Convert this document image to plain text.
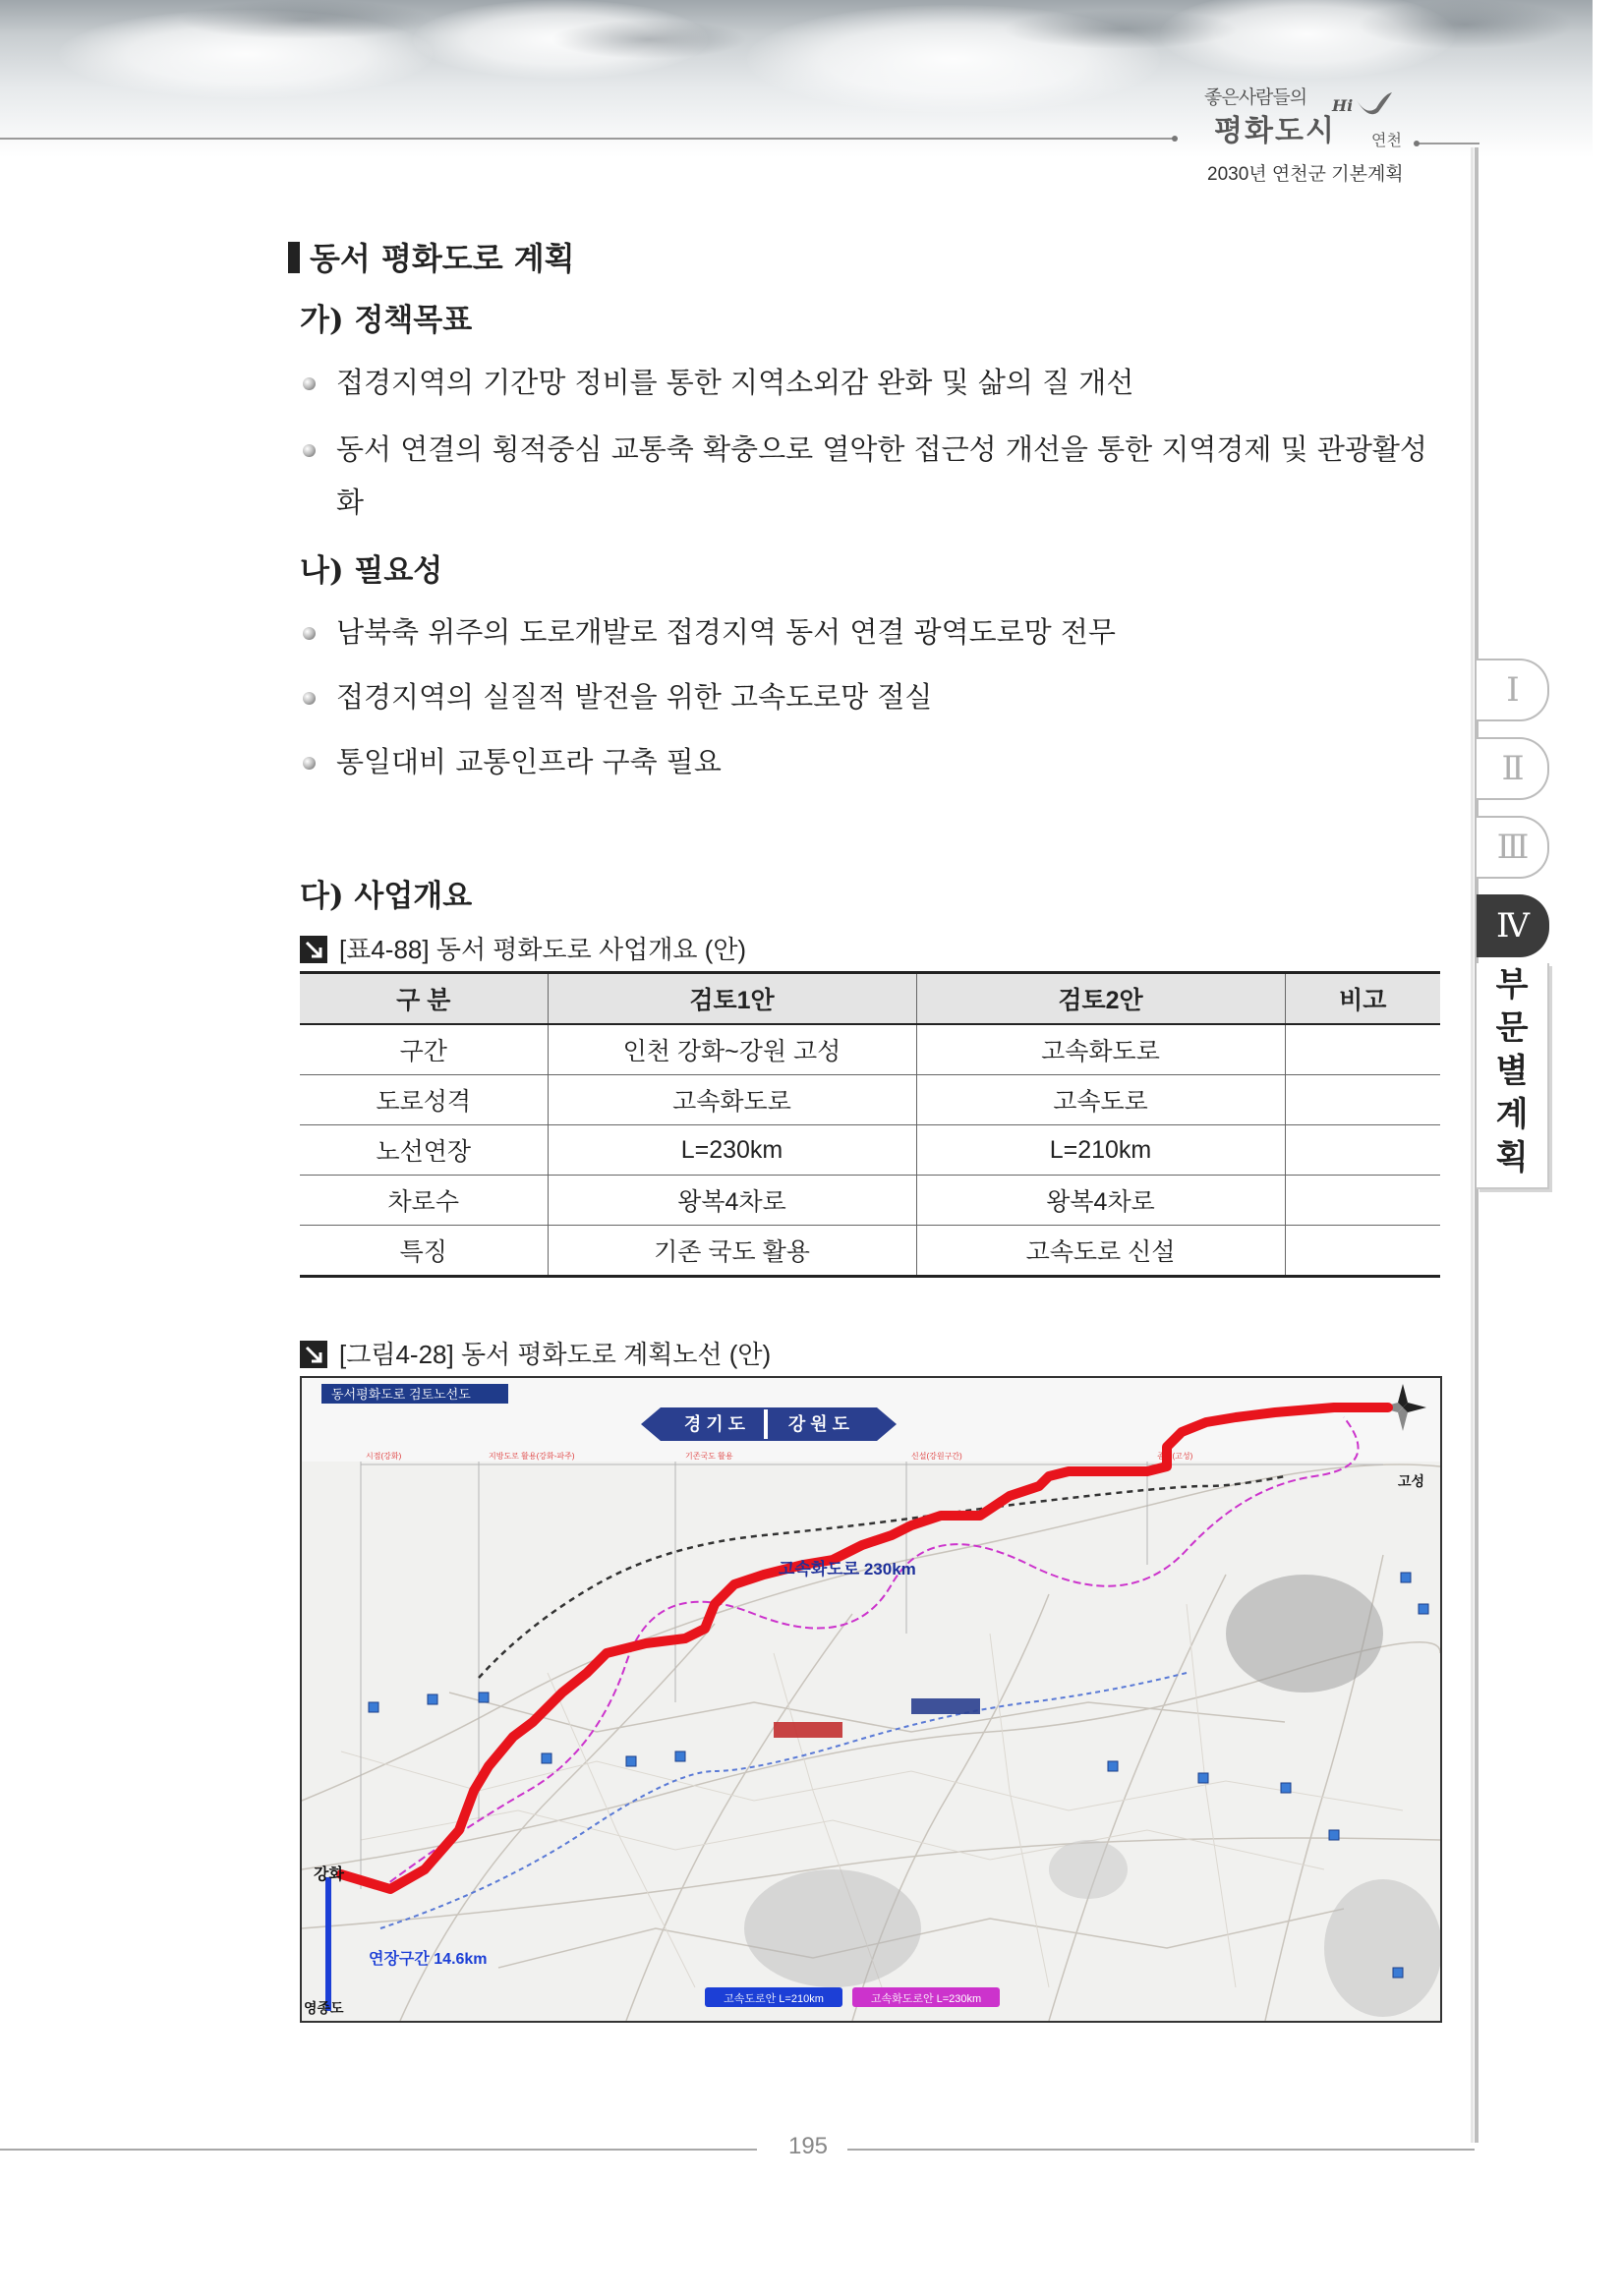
좋은사람들의
평화도시
Hi
연천
2030년 연천군 기본계획
동서 평화도로 계획
가) 정책목표
접경지역의 기간망 정비를 통한 지역소외감 완화 및 삶의 질 개선
동서 연결의 횡적중심 교통축 확충으로 열악한 접근성 개선을 통한 지역경제 및 관광활성화
나) 필요성
남북축 위주의 도로개발로 접경지역 동서 연결 광역도로망 전무
접경지역의 실질적 발전을 위한 고속도로망 절실
통일대비 교통인프라 구축 필요
다) 사업개요
[표4-88] 동서 평화도로 사업개요 (안)
구 분	검토1안	검토2안	비고
구간	인천 강화~강원 고성	고속화도로	
도로성격	고속화도로	고속도로	
노선연장	L=230km	L=210km	
차로수	왕복4차로	왕복4차로	
특징	기존 국도 활용	고속도로 신설	
[그림4-28] 동서 평화도로 계획노선 (안)
시점(강화)	지방도로 활용(강화-파주)	기존국도 활용	신설(강원구간)	종점(고성)
동서평화도로 검토노선도
경 기 도 강 원 도
고속화도로 230km
강화
고성
연장구간 14.6km
영종도
고속도로안 L=210km	고속화도로안 L=230km
Ⅰ
Ⅱ
Ⅲ
Ⅳ
부
문
별
계
획
195
